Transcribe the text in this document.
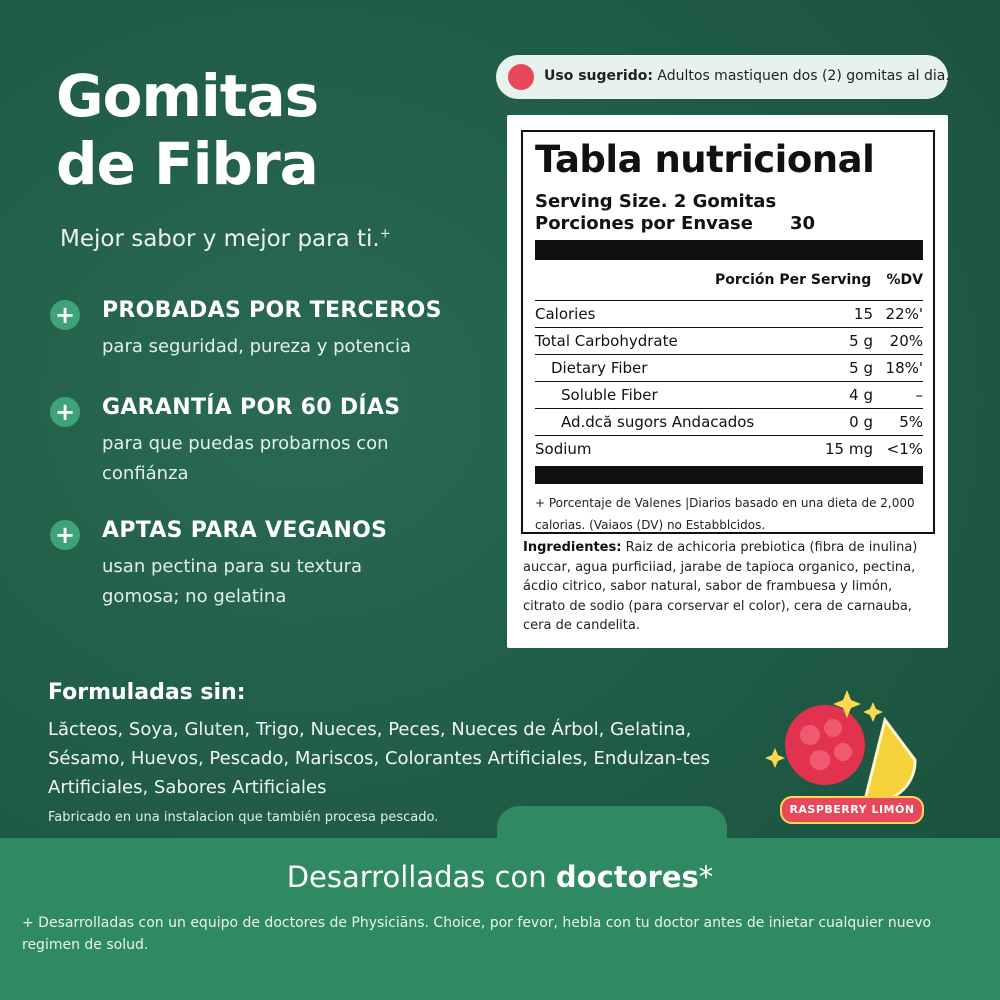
Gomitas
de Fibra
Mejor sabor y mejor para ti.+
+ PROBADAS POR TERCEROS
para seguridad, pureza y potencia
+ GARANTÍA POR 60 DÍAS
para que puedas probarnos con confiánza
+ APTAS PARA VEGANOS
usan pectina para su textura gomosa; no gelatina
Formuladas sin:
Lăcteos, Soya, Gluten, Trigo, Nueces, Peces, Nueces de Árbol, Gelatina, Sésamo, Huevos, Pescado, Mariscos, Colorantes Artificiales, Endulzan-tes Artificiales, Sabores Artificiales
Fabricado en una instalacion que también procesa pescado.
Uso sugerido: Adultos mastiquen dos (2) gomitas al dia.
Tabla nutricional
Serving Size. 2 Gomitas
Porciones por Envase 30
Porción Per Serving %DV
Calories	15 22%'
Total Carbohydrate	5 g 20%
Dietary Fiber	5 g 18%'
Soluble Fiber	4 g	–
Ad.dcă sugors Andacados	0 g 5%
Sodium	15 mg <1%
+ Porcentaje de Valenes |Diarios basado en una dieta de 2,000 calorias. (Vaiaos (DV) no Estabblcidos.
Ingredientes: Raiz de achicoria prebiotica (fibra de inulina) auccar, agua purficiiad, jarabe de tapioca organico, pectina, ácdio citrico, sabor natural, sabor de frambuesa y limón, citrato de sodio (para corservar el color), cera de carnauba, cera de candelita.
RASPBERRY LIMÓN
Desarrolladas con doctores*
+ Desarrolladas con un equipo de doctores de Physiciāns. Choice, por fevor, hebla con tu doctor antes de inietar cualquier nuevo regimen de solud.
